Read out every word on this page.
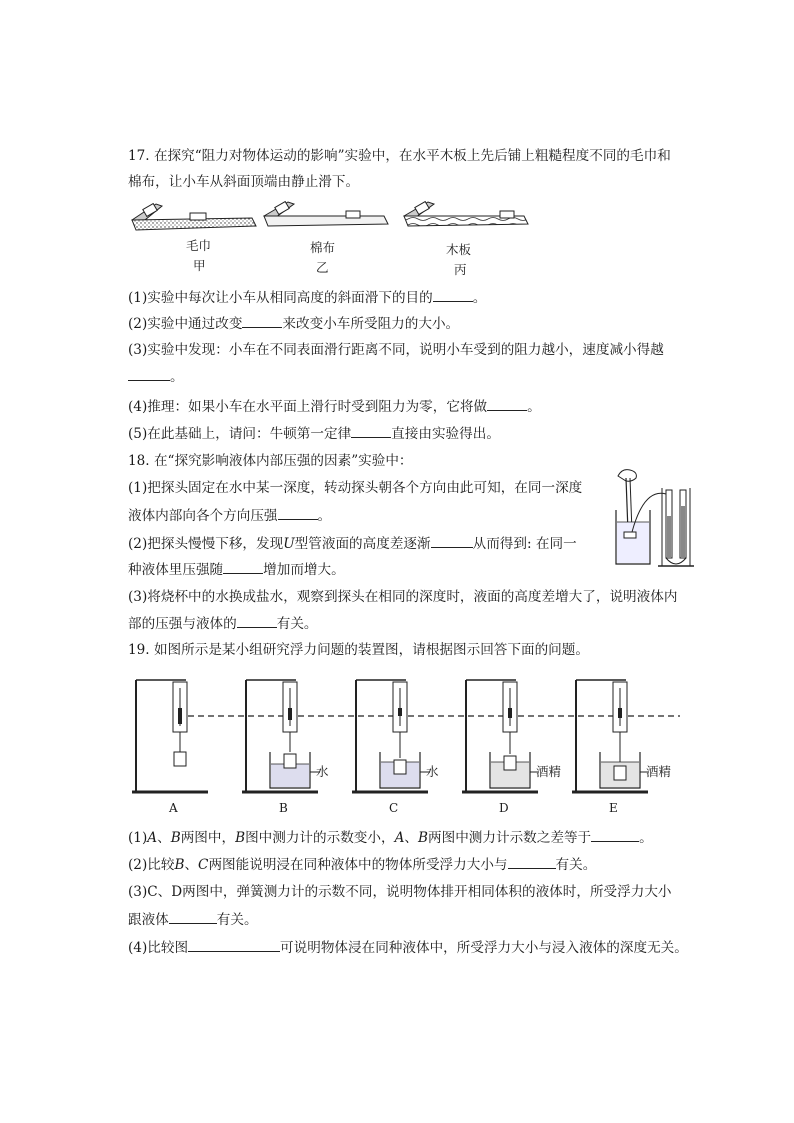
17. 在探究“阻力对物体运动的影响”实验中，在水平木板上先后铺上粗糙程度不同的毛巾和
棉布，让小车从斜面顶端由静止滑下。
毛巾
甲
棉布
乙
木板
丙
(1)实验中每次让小车从相同高度的斜面滑下的目的	。
(2)实验中通过改变	来改变小车所受阻力的大小。
(3)实验中发现：小车在不同表面滑行距离不同，说明小车受到的阻力越小，速度减小得越
。
(4)推理：如果小车在水平面上滑行时受到阻力为零，它将做	。
(5)在此基础上，请问：牛顿第一定律	直接由实验得出。
18. 在“探究影响液体内部压强的因素”实验中：
(1)把探头固定在水中某一深度，转动探头朝各个方向由此可知，在同一深度
液体内部向各个方向压强	。
(2)把探头慢慢下移，发现U型管液面的高度差逐渐	从而得到: 在同一
种液体里压强随	增加而增大。
(3)将烧杯中的水换成盐水，观察到探头在相同的深度时，液面的高度差增大了，说明液体内
部的压强与液体的	有关。
19. 如图所示是某小组研究浮力问题的装置图，请根据图示回答下面的问题。
水	水	酒精	酒精
A	B	C	D	E
(1)A、B两图中，B图中测力计的示数变小，A、B两图中测力计示数之差等于	。
(2)比较B、C两图能说明浸在同种液体中的物体所受浮力大小与	有关。
(3)C、D两图中，弹簧测力计的示数不同，说明物体排开相同体积的液体时，所受浮力大小
跟液体	有关。
(4)比较图	可说明物体浸在同种液体中，所受浮力大小与浸入液体的深度无关。
